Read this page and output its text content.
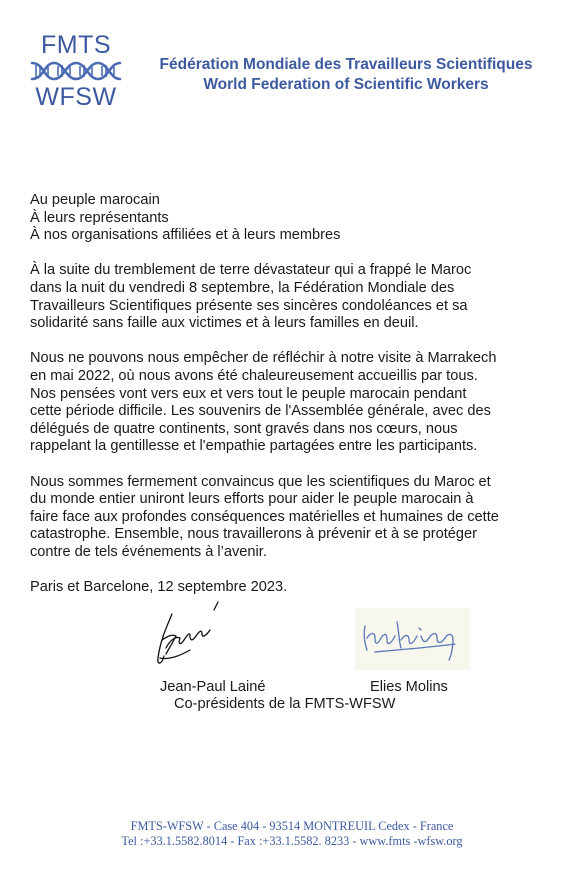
FMTS
WFSW
Fédération Mondiale des Travailleurs Scientifiques
World Federation of Scientific Workers

Au peuple marocain
À leurs représentants
À nos organisations affiliées et à leurs membres

À la suite du tremblement de terre dévastateur qui a frappé le Maroc
dans la nuit du vendredi 8 septembre, la Fédération Mondiale des
Travailleurs Scientifiques présente ses sincères condoléances et sa
solidarité sans faille aux victimes et à leurs familles en deuil.

Nous ne pouvons nous empêcher de réfléchir à notre visite à Marrakech
en mai 2022, où nous avons été chaleureusement accueillis par tous.
Nos pensées vont vers eux et vers tout le peuple marocain pendant
cette période difficile. Les souvenirs de l'Assemblée générale, avec des
délégués de quatre continents, sont gravés dans nos cœurs, nous
rappelant la gentillesse et l'empathie partagées entre les participants.

Nous sommes fermement convaincus que les scientifiques du Maroc et
du monde entier uniront leurs efforts pour aider le peuple marocain à
faire face aux profondes conséquences matérielles et humaines de cette
catastrophe. Ensemble, nous travaillerons à prévenir et à se protéger
contre de tels événements à l’avenir.

Paris et Barcelone, 12 septembre 2023.

Jean-Paul Lainé	Elies Molins
Co-présidents de la FMTS-WFSW
FMTS-WFSW - Case 404 - 93514 MONTREUIL Cedex - France
Tel :+33.1.5582.8014 - Fax :+33.1.5582. 8233 - www.fmts -wfsw.org
